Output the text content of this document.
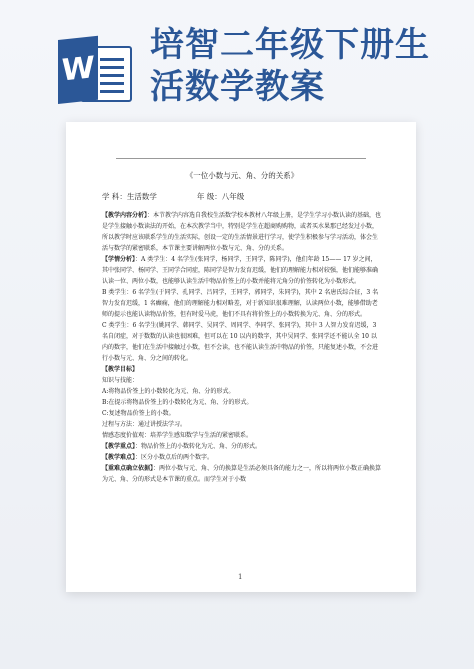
W
培智二年级下册生
活数学教案
《一位小数与元、角、分的关系》
学 科：生活数学	年 级：八年级

【教学内容分析】：本节教学内容选自我校生活数学校本教材八年级上册，是学生学习小数认读的基础，也是学生接触小数读法的开始，在本次教学当中，特别是学生在超商购购物，或者买水果那已经发过小数，所以教学时应该联系学生的生活实际，创设一定的生活情景进行学习，使学生积极参与学习活动，体会生活与数学的紧密联系，本节课主要讲解两位小数与元、角、分的关系。

【学情分析】：A 类学生：4 名学生(张同学，杨同学，王同学，陈同学)，他们年龄 15—— 17 岁之间，其中张同学、杨同学、王同学合同症，陈同学是智力发育迟缓，他们的理解能力相对较强，他们能够准确认读一位、两位小数，也能够认读生活中物品价签上的小数并能将元角分的价签转化为小数形式。

B 类学生：6 名学生(于同学、孔同学、吕同学，王同学，郭同学，朱同学)，其中 2 名唐氏综合征，3 名智力发育迟缓，1 名癫痫，他们的理解能力相对略差，对于新知识很难理解，认读两位小数，能够借助老师的提示也能认读物品价签，但有时爱马虎，他们不具有将价签上的小数转换为元、角、分的形式。

C 类学生：6 名学生(姚同学、韩同学、吴同学、周同学、李同学、张同学)，其中 3 人智力发育迟缓，3 名自闭症，对于数数的认读也很困难，但可以在 10 以内的数字，其中吴同学、张同学还不能认全 10 以内的数字，他们在生活中接触过小数，但不会读，也不能认读生活中物品的价签，只能复述小数，不会进行小数与元、角、分之间的转化。

【教学目标】

知识与技能：

A:将物品价签上的小数转化为元、角、分的形式。

B:在提示将物品价签上的小数转化为元、角、分的形式。

C:复述物品价签上的小数。

过程与方法：通过讲授法学习。

情感态度价值观：培养学生感知数学与生活的紧密联系。

【教学重点】：物品价签上的小数转化为元、角、分的形式。

【教学难点】：区分小数点后的两个数字。

【重难点确立依据】：两位小数与元、角、分的换算是生活必须具备的能力之一，所以将两位小数正确换算为元、角、分的形式是本节课的重点。而学生对于小数

1
